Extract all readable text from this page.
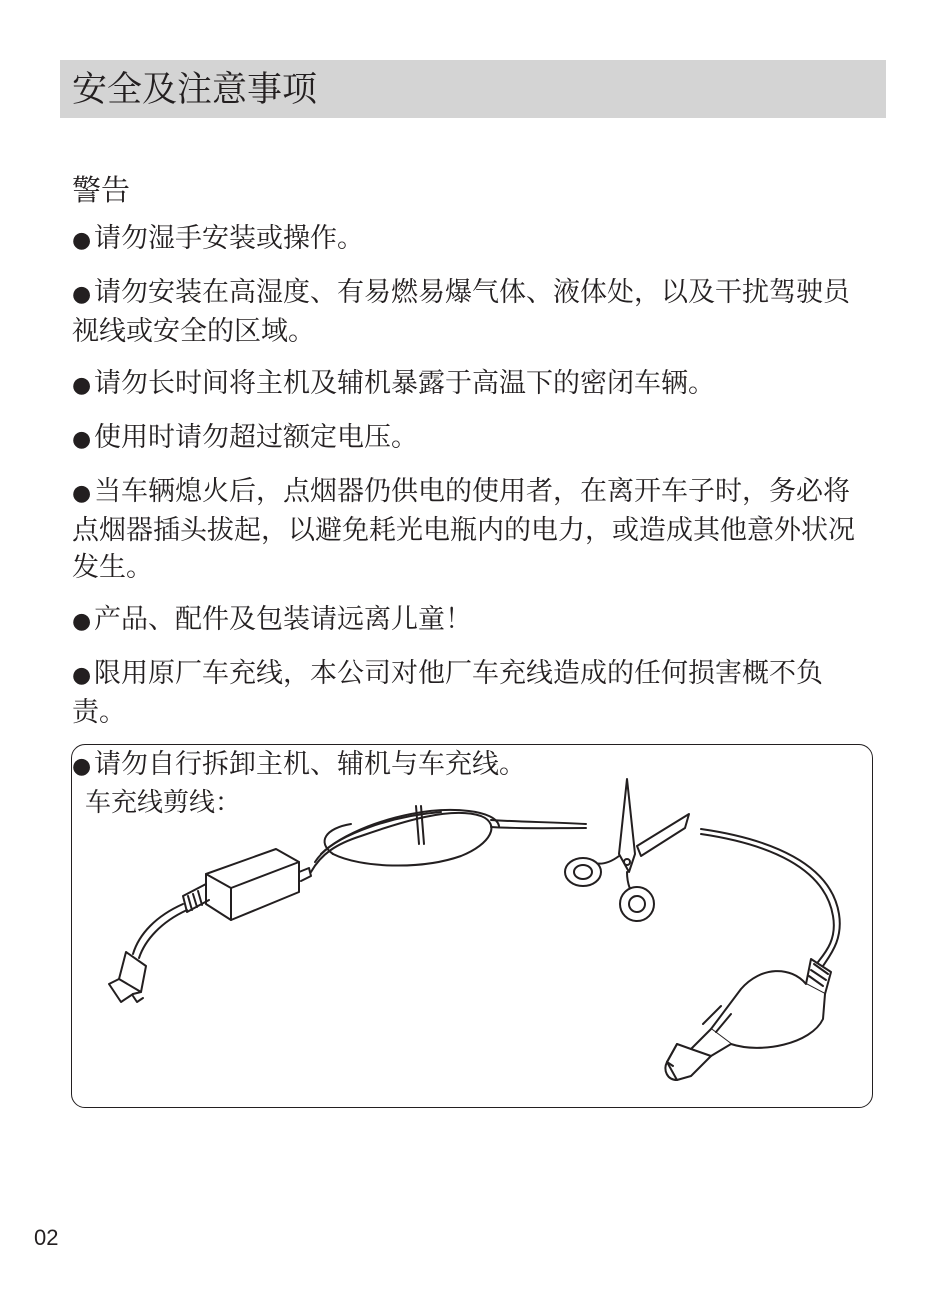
安全及注意事项
警告
● 请勿湿手安装或操作。
● 请勿安装在高湿度、有易燃易爆气体、液体处，以及干扰驾驶员视线或安全的区域。
● 请勿长时间将主机及辅机暴露于高温下的密闭车辆。
● 使用时请勿超过额定电压。
● 当车辆熄火后，点烟器仍供电的使用者，在离开车子时，务必将点烟器插头拔起，以避免耗光电瓶内的电力，或造成其他意外状况发生。
● 产品、配件及包装请远离儿童！
● 限用原厂车充线，本公司对他厂车充线造成的任何损害概不负责。
● 请勿自行拆卸主机、辅机与车充线。
车充线剪线：
02
